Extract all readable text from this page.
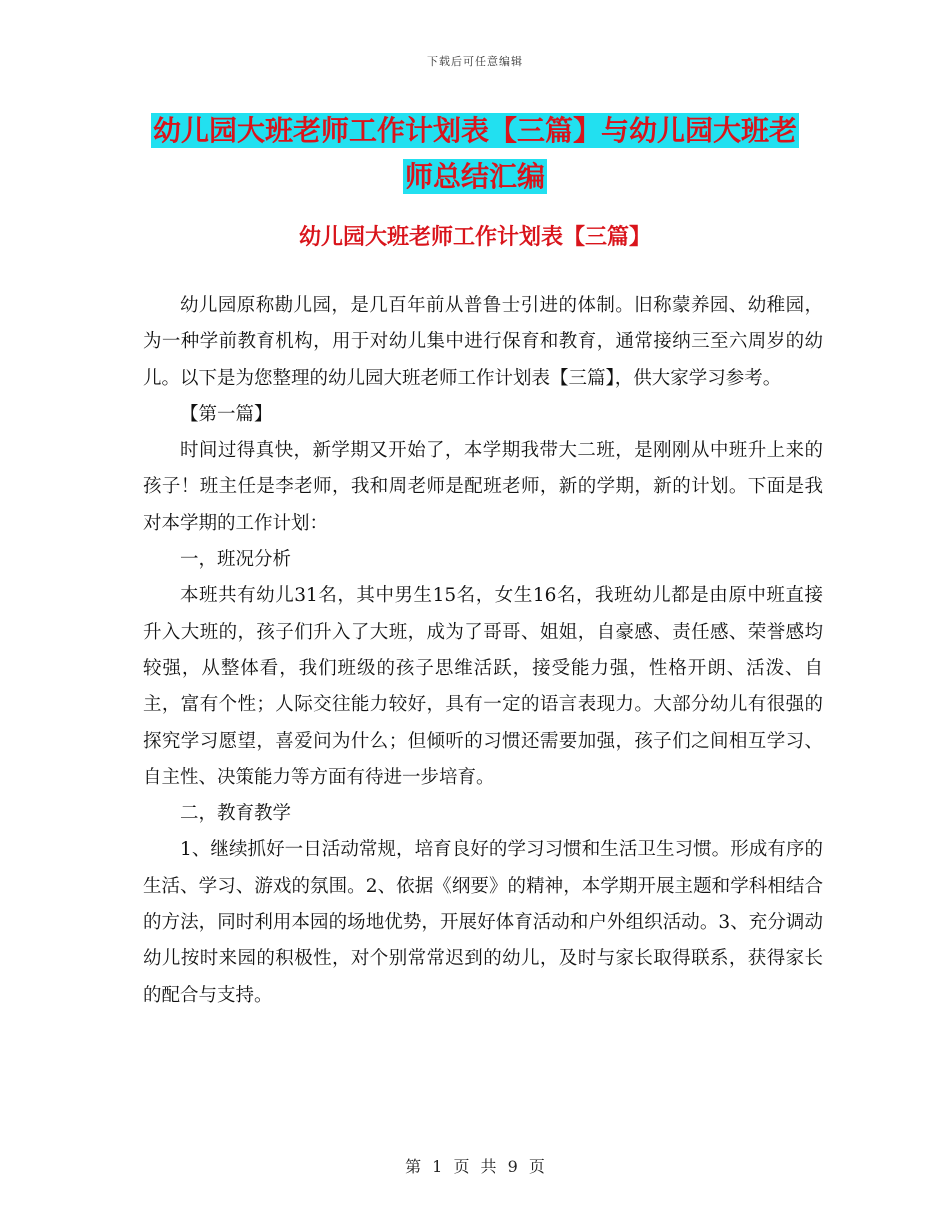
下载后可任意编辑
幼儿园大班老师工作计划表【三篇】与幼儿园大班老
师总结汇编
幼儿园大班老师工作计划表【三篇】

幼儿园原称勘儿园，是几百年前从普鲁士引进的体制。旧称蒙养园、幼稚园，为一种学前教育机构，用于对幼儿集中进行保育和教育，通常接纳三至六周岁的幼儿。以下是为您整理的幼儿园大班老师工作计划表【三篇】，供大家学习参考。

【第一篇】

时间过得真快，新学期又开始了，本学期我带大二班，是刚刚从中班升上来的孩子！班主任是李老师，我和周老师是配班老师，新的学期，新的计划。下面是我对本学期的工作计划：

一，班况分析

本班共有幼儿31名，其中男生15名，女生16名，我班幼儿都是由原中班直接升入大班的，孩子们升入了大班，成为了哥哥、姐姐，自豪感、责任感、荣誉感均较强，从整体看，我们班级的孩子思维活跃，接受能力强，性格开朗、活泼、自主，富有个性；人际交往能力较好，具有一定的语言表现力。大部分幼儿有很强的探究学习愿望，喜爱问为什么；但倾听的习惯还需要加强，孩子们之间相互学习、自主性、决策能力等方面有待进一步培育。

二，教育教学

1、继续抓好一日活动常规，培育良好的学习习惯和生活卫生习惯。形成有序的生活、学习、游戏的氛围。2、依据《纲要》的精神，本学期开展主题和学科相结合的方法，同时利用本园的场地优势，开展好体育活动和户外组织活动。3、充分调动幼儿按时来园的积极性，对个别常常迟到的幼儿，及时与家长取得联系，获得家长的配合与支持。

第 1 页 共 9 页
